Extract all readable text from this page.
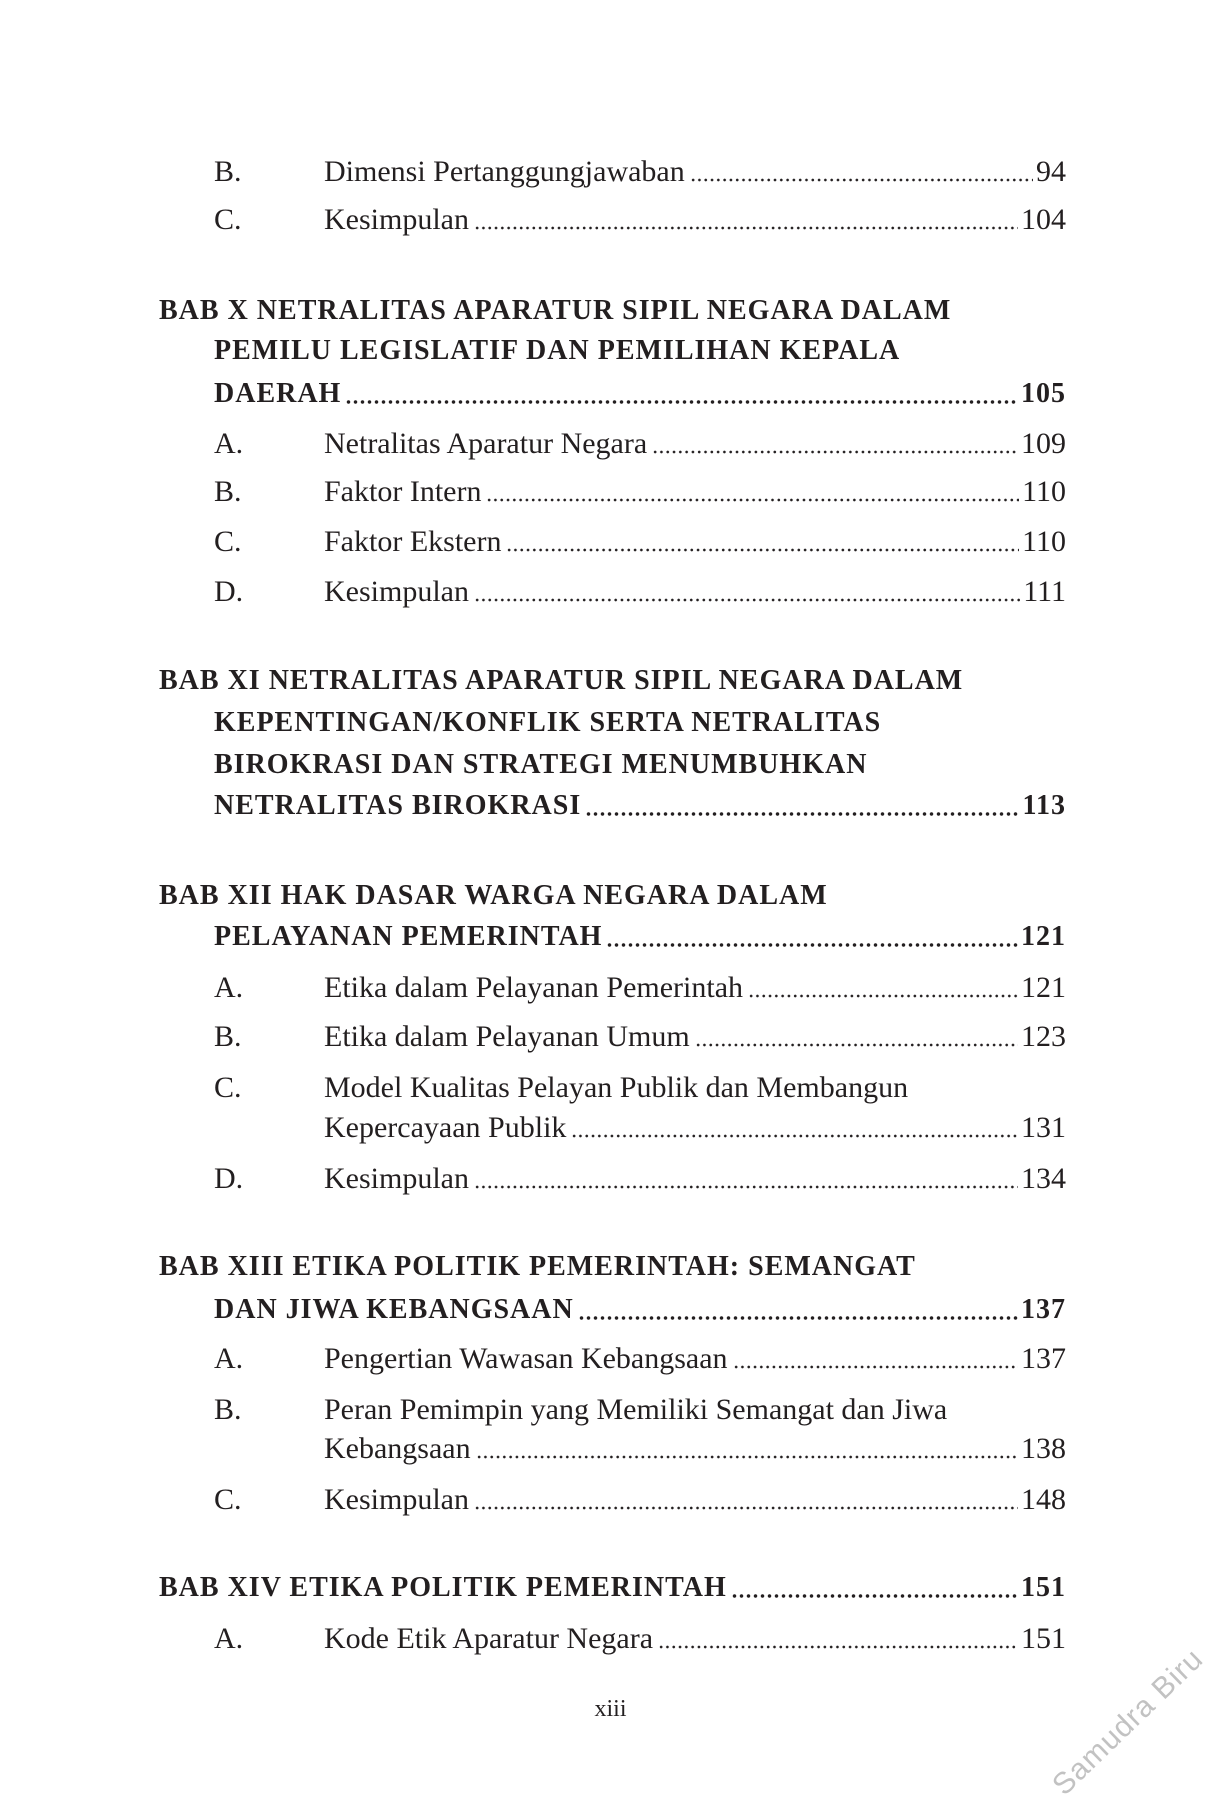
B.	Dimensi Pertanggungjawaban	94
C.	Kesimpulan	104
BAB X NETRALITAS APARATUR SIPIL NEGARA DALAM
PEMILU LEGISLATIF DAN PEMILIHAN KEPALA
DAERAH	105
A.	Netralitas Aparatur Negara	109
B.	Faktor Intern	110
C.	Faktor Ekstern	110
D.	Kesimpulan	111
BAB XI NETRALITAS APARATUR SIPIL NEGARA DALAM
KEPENTINGAN/KONFLIK SERTA NETRALITAS
BIROKRASI DAN STRATEGI MENUMBUHKAN
NETRALITAS BIROKRASI	113
BAB XII HAK DASAR WARGA NEGARA DALAM
PELAYANAN PEMERINTAH	121
A.	Etika dalam Pelayanan Pemerintah	121
B.	Etika dalam Pelayanan Umum	123
C.	Model Kualitas Pelayan Publik dan Membangun
Kepercayaan Publik	131
D.	Kesimpulan	134
BAB XIII ETIKA POLITIK PEMERINTAH: SEMANGAT
DAN JIWA KEBANGSAAN	137
A.	Pengertian Wawasan Kebangsaan	137
B.	Peran Pemimpin yang Memiliki Semangat dan Jiwa
Kebangsaan	138
C.	Kesimpulan	148
BAB XIV ETIKA POLITIK PEMERINTAH	151
A.	Kode Etik Aparatur Negara	151
xiii	Samudra Biru
